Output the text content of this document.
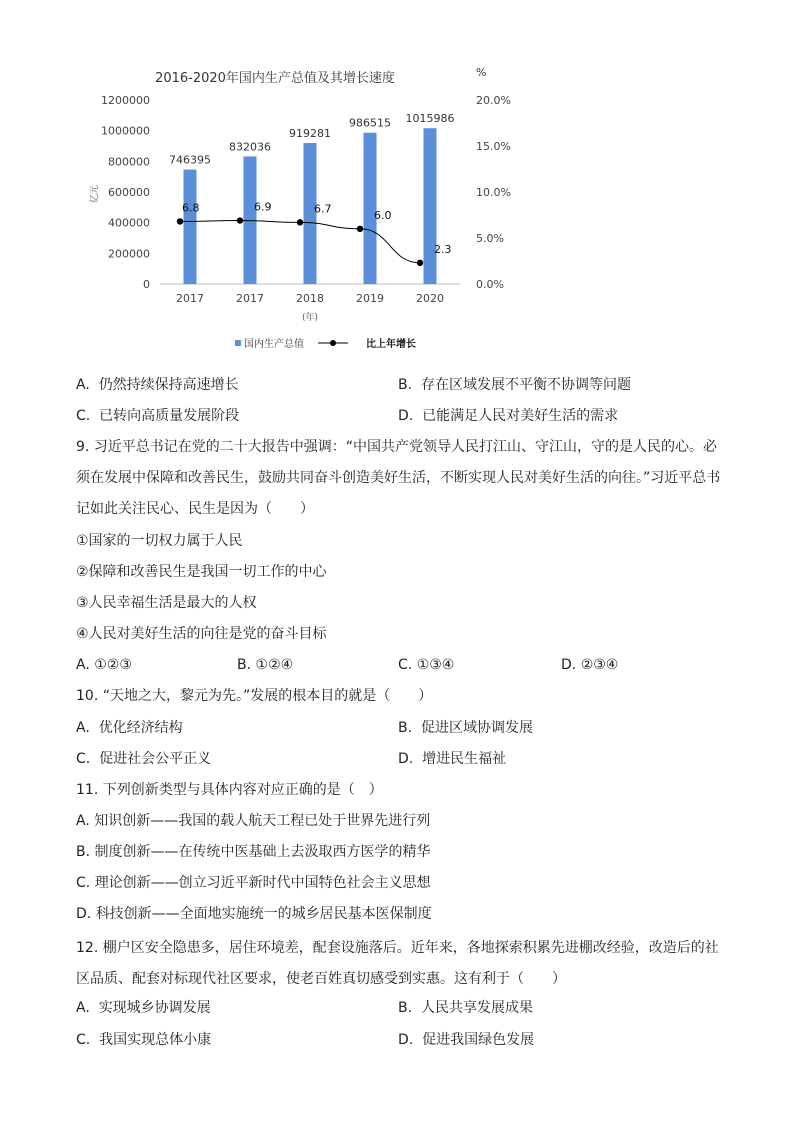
2016-2020年国内生产总值及其增长速度	%
亿元
1200000
1000000
800000
600000
400000
200000
0
20.0%
15.0%
10.0%
5.0%
0.0%
746395
832036
919281
986515 1015986
2017	2017	2018	2019	2020
6.8	6.9	6.7	6.0
2.3
(年)
国内生产总值	比上年增长
A. 仍然持续保持高速增长	B. 存在区域发展不平衡不协调等问题
C. 已转向高质量发展阶段	D. 已能满足人民对美好生活的需求
9. 习近平总书记在党的二十大报告中强调：“中国共产党领导人民打江山、守江山，守的是人民的心。必须在发展中保障和改善民生，鼓励共同奋斗创造美好生活，不断实现人民对美好生活的向往。”习近平总书记如此关注民心、民生是因为（　　）
①国家的一切权力属于人民
②保障和改善民生是我国一切工作的中心
③人民幸福生活是最大的人权
④人民对美好生活的向往是党的奋斗目标
A. ①②③	B. ①②④	C. ①③④	D. ②③④
10. “天地之大，黎元为先。”发展的根本目的就是（　　）
A. 优化经济结构	B. 促进区域协调发展
C. 促进社会公平正义	D. 增进民生福祉
11. 下列创新类型与具体内容对应正确的是（　）
A. 知识创新——我国的载人航天工程已处于世界先进行列
B. 制度创新——在传统中医基础上去汲取西方医学的精华
C. 理论创新——创立习近平新时代中国特色社会主义思想
D. 科技创新——全面地实施统一的城乡居民基本医保制度
12. 棚户区安全隐患多，居住环境差，配套设施落后。近年来，各地探索积累先进棚改经验，改造后的社区品质、配套对标现代社区要求，使老百姓真切感受到实惠。这有利于（　　）
A. 实现城乡协调发展	B. 人民共享发展成果
C. 我国实现总体小康	D. 促进我国绿色发展
